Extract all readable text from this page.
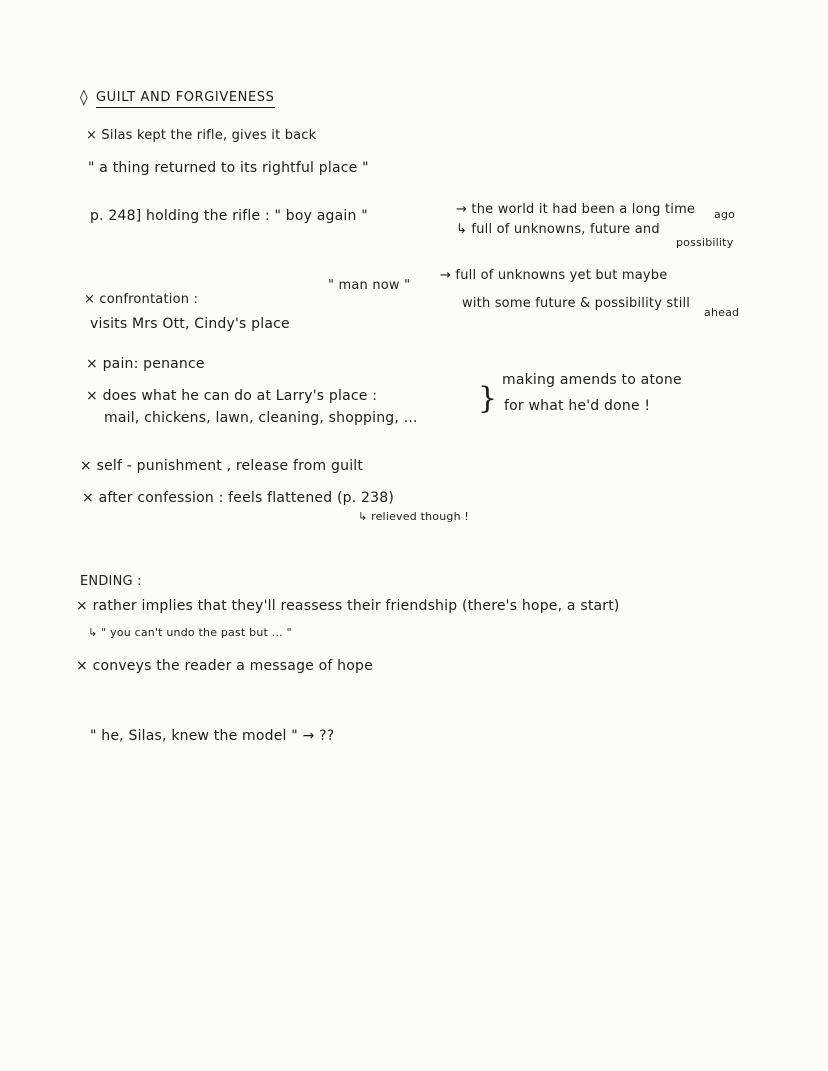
◊ GUILT AND FORGIVENESS
× Silas kept the rifle, gives it back
" a thing returned to its rightful place "
p. 248] holding the rifle : " boy again "	→ the world it had been a long time ago
↳ full of unknowns, future and
possibility
" man now "
→ full of unknowns yet but maybe
with some future & possibility still
ahead
× confrontation :
visits Mrs Ott, Cindy's place
× pain: penance
× does what he can do at Larry's place :
mail, chickens, lawn, cleaning, shopping, ...
}
making amends to atone
for what he'd done !
× self - punishment , release from guilt
× after confession : feels flattened (p. 238)
↳ relieved though !
ENDING :
× rather implies that they'll reassess their friendship (there's hope, a start)
↳ " you can't undo the past but ... "
× conveys the reader a message of hope
" he, Silas, knew the model " → ??
